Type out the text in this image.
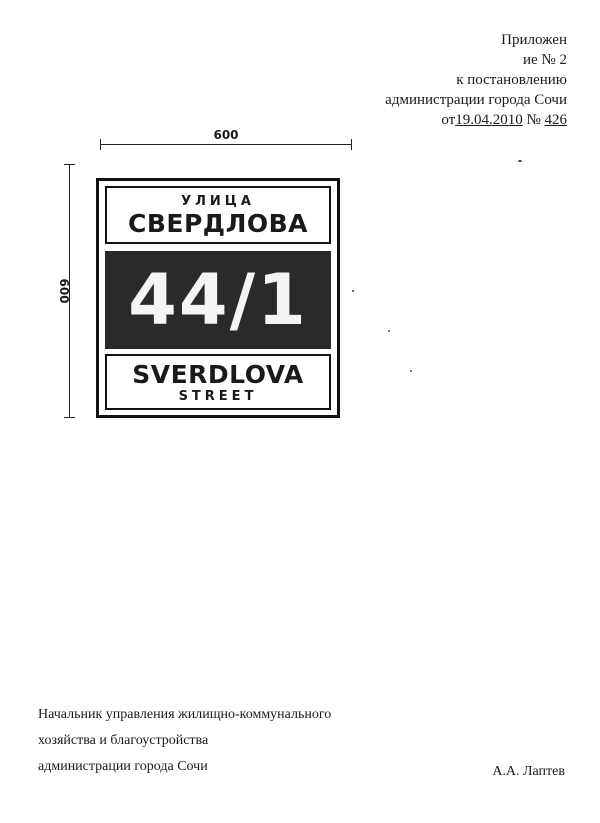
Приложен
ие № 2
к постановлению
администрации города Сочи
от19.04.2010 № 426
600
600
УЛИЦА
СВЕРДЛОВА
44/1
SVERDLOVA
STREET
Начальник управления жилищно-коммунального
хозяйства и благоустройства
администрации города Сочи	А.А. Лаптев
